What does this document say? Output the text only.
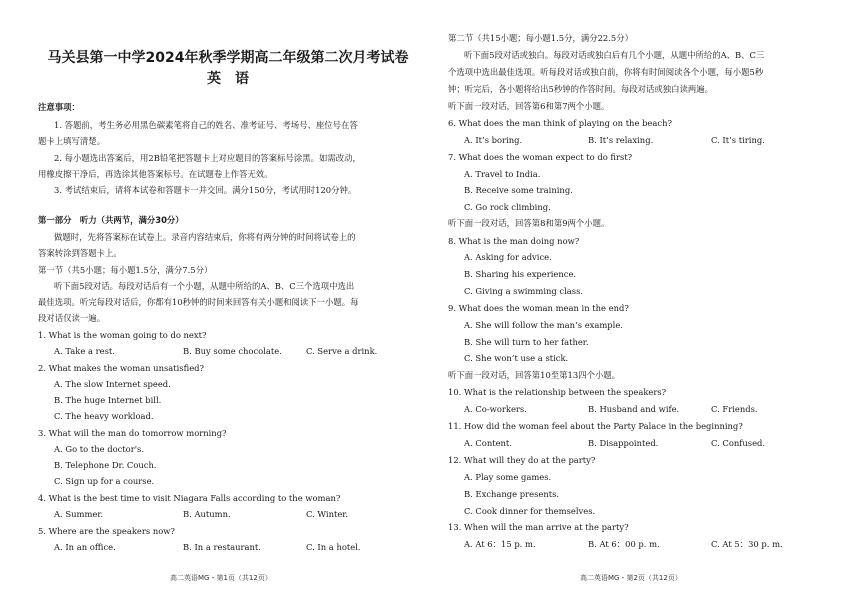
马关县第一中学2024年秋季学期高二年级第二次月考试卷
英　语
注意事项：
1. 答题前，考生务必用黑色碳素笔将自己的姓名、准考证号、考场号、座位号在答
题卡上填写清楚。
2. 每小题选出答案后，用2B铅笔把答题卡上对应题目的答案标号涂黑。如需改动，
用橡皮擦干净后，再选涂其他答案标号。在试题卷上作答无效。
3. 考试结束后，请将本试卷和答题卡一并交回。满分150分，考试用时120分钟。
第一部分　听力（共两节，满分30分）
做题时，先将答案标在试卷上。录音内容结束后，你将有两分钟的时间将试卷上的
答案转涂到答题卡上。
第一节（共5小题；每小题1.5分，满分7.5分）
听下面5段对话。每段对话后有一个小题，从题中所给的A、B、C三个选项中选出
最佳选项。听完每段对话后，你都有10秒钟的时间来回答有关小题和阅读下一小题。每
段对话仅读一遍。
1. What is the woman going to do next?
A. Take a rest.	B. Buy some chocolate.	C. Serve a drink.
2. What makes the woman unsatisfied?
A. The slow Internet speed.
B. The huge Internet bill.
C. The heavy workload.
3. What will the man do tomorrow morning?
A. Go to the doctor's.
B. Telephone Dr. Couch.
C. Sign up for a course.
4. What is the best time to visit Niagara Falls according to the woman?
A. Summer.	B. Autumn.	C. Winter.
5. Where are the speakers now?
A. In an office.	B. In a restaurant.	C. In a hotel.
高二英语MG・第1页（共12页）
第二节（共15小题；每小题1.5分，满分22.5分）
听下面5段对话或独白。每段对话或独白后有几个小题，从题中所给的A、B、C三
个选项中选出最佳选项。听每段对话或独白前，你将有时间阅读各个小题，每小题5秒
钟；听完后，各小题将给出5秒钟的作答时间。每段对话或独白读两遍。
听下面一段对话，回答第6和第7两个小题。
6. What does the man think of playing on the beach?
A. It’s boring.	B. It’s relaxing.	C. It’s tiring.
7. What does the woman expect to do first?
A. Travel to India.
B. Receive some training.
C. Go rock climbing.
听下面一段对话，回答第8和第9两个小题。
8. What is the man doing now?
A. Asking for advice.
B. Sharing his experience.
C. Giving a swimming class.
9. What does the woman mean in the end?
A. She will follow the man’s example.
B. She will turn to her father.
C. She won’t use a stick.
听下面一段对话，回答第10至第13四个小题。
10. What is the relationship between the speakers?
A. Co-workers.	B. Husband and wife.	C. Friends.
11. How did the woman feel about the Party Palace in the beginning?
A. Content.	B. Disappointed.	C. Confused.
12. What will they do at the party?
A. Play some games.
B. Exchange presents.
C. Cook dinner for themselves.
13. When will the man arrive at the party?
A. At 6：15 p. m.	B. At 6：00 p. m.	C. At 5：30 p. m.
高二英语MG・第2页（共12页）
